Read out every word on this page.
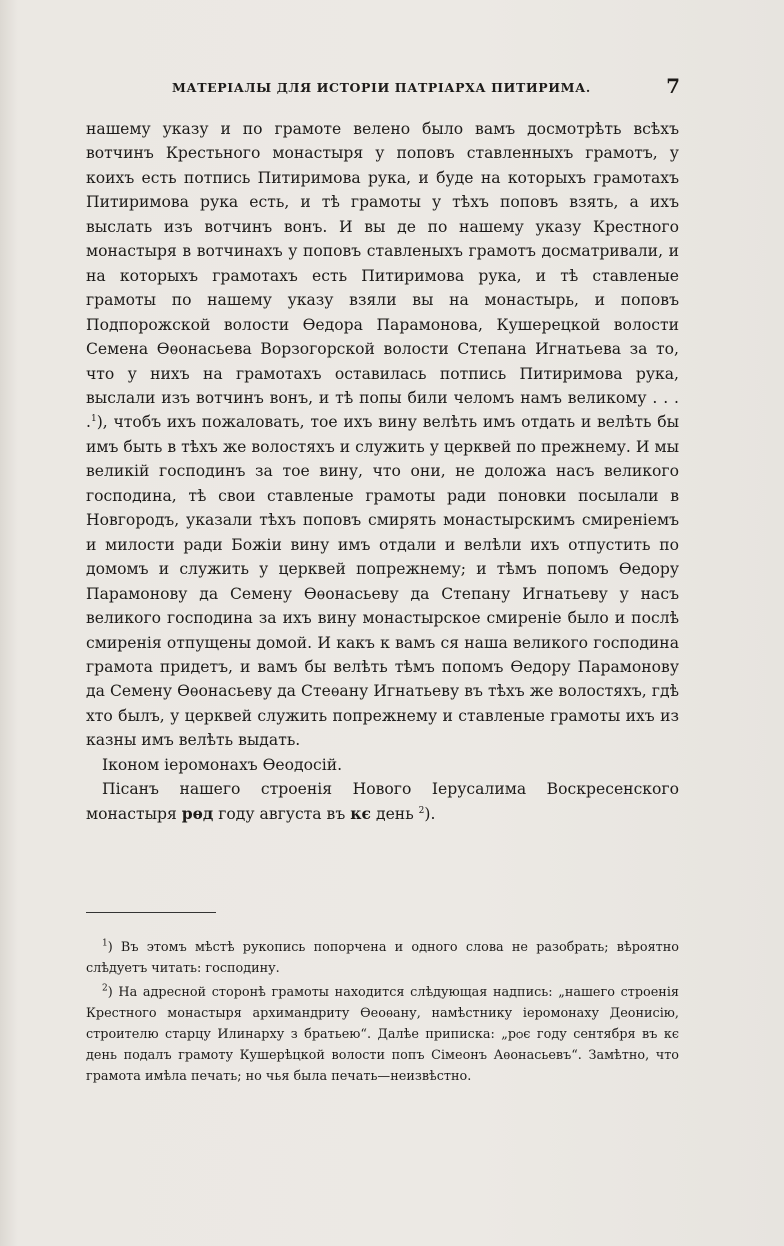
МАТЕРІАЛЫ ДЛЯ ИСТОРІИ ПАТРІАРХА ПИТИРИМА.	7

нашему указу и по грамоте велено было вамъ досмотрѣть всѣхъ вотчинъ Крестьного монастыря у поповъ ставленныхъ грамотъ, у коихъ есть потпись Питиримова рука, и буде на которыхъ грамотахъ Питиримова рука есть, и тѣ грамоты у тѣхъ поповъ взять, а ихъ выслать изъ вотчинъ вонъ. И вы де по нашему указу Крестного монастыря в вотчинахъ у поповъ ставленыхъ грамотъ досматривали, и на которыхъ грамотахъ есть Питиримова рука, и тѣ ставленые грамоты по нашему указу взяли вы на монастырь, и поповъ Подпорожской волости Ѳедора Парамонова, Кушерецкой волости Семена Ѳѳонасьева Ворзогорской волости Степана Игнатьева за то, что у нихъ на грамотахъ оставилась потпись Питиримова рука, выслали изъ вотчинъ вонъ, и тѣ попы били челомъ намъ великому . . . .$^1$), чтобъ ихъ пожаловать, тое ихъ вину велѣть имъ отдать и велѣть бы имъ быть в тѣхъ же волостяхъ и служить у церквей по прежнему. И мы великій господинъ за тое вину, что они, не доложа насъ великого господина, тѣ свои ставленые грамоты ради поновки посылали в Новгородъ, указали тѣхъ поповъ смирять монастырскимъ смиреніемъ и милости ради Божіи вину имъ отдали и велѣли ихъ отпустить по домомъ и служить у церквей попрежнему; и тѣмъ попомъ Ѳедору Парамонову да Семену Ѳѳонасьеву да Степану Игнатьеву у насъ великого господина за ихъ вину монастырское смиреніе было и послѣ смиренія отпущены домой. И какъ к вамъ ся наша великого господина грамота придетъ, и вамъ бы велѣть тѣмъ попомъ Ѳедору Парамонову да Семену Ѳѳонасьеву да Стеѳану Игнатьеву въ тѣхъ же волостяхъ, гдѣ хто былъ, у церквей служить попрежнему и ставленые грамоты ихъ из казны имъ велѣть выдать.

Іконом іеромонахъ Ѳеодосій.

Піcанъ нашего строенія Нового Іерусалима Воскресенского монастыря рѳд году августа въ кє день $^2$).

$^1$) Въ этомъ мѣстѣ рукопись попорчена и одного слова не разобрать; вѣроятно слѣдуетъ читать: господину.

$^2$) На адресной сторонѣ грамоты находится слѣдующая надпись: „нашего строенія Крестного монастыря архимандриту Ѳеоѳану, намѣстнику іеромонаху Деонисію, строителю старцу Илинарху з братьею“. Далѣе приписка: „рѻє году сентября въ кє день подалъ грамоту Кушерѣцкой волости попъ Сімеонъ Аѳонасьевъ“. Замѣтно, что грамота имѣла печать; но чья была печать—неизвѣстно.
